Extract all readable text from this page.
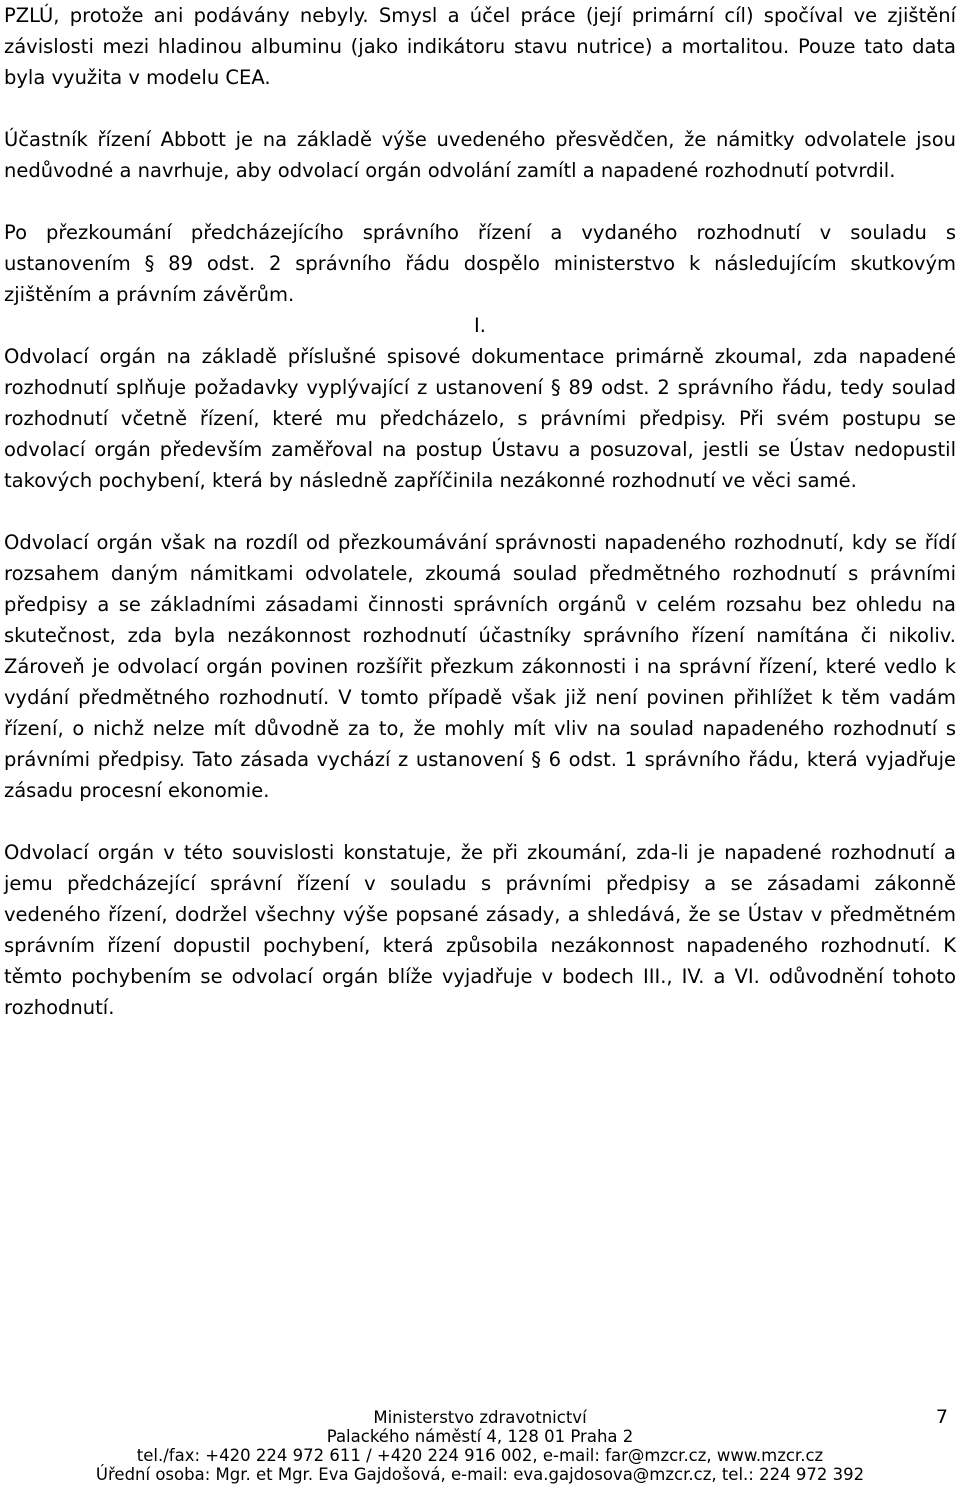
PZLÚ, protože ani podávány nebyly. Smysl a účel práce (její primární cíl) spočíval ve zjištění závislosti mezi hladinou albuminu (jako indikátoru stavu nutrice) a mortalitou. Pouze tato data byla využita v modelu CEA.

Účastník řízení Abbott je na základě výše uvedeného přesvědčen, že námitky odvolatele jsou nedůvodné a navrhuje, aby odvolací orgán odvolání zamítl a napadené rozhodnutí potvrdil.

Po přezkoumání předcházejícího správního řízení a vydaného rozhodnutí v souladu s ustanovením § 89 odst. 2 správního řádu dospělo ministerstvo k následujícím skutkovým zjištěním a právním závěrům.

I.

Odvolací orgán na základě příslušné spisové dokumentace primárně zkoumal, zda napadené rozhodnutí splňuje požadavky vyplývající z ustanovení § 89 odst. 2 správního řádu, tedy soulad rozhodnutí včetně řízení, které mu předcházelo, s právními předpisy. Při svém postupu se odvolací orgán především zaměřoval na postup Ústavu a posuzoval, jestli se Ústav nedopustil takových pochybení, která by následně zapříčinila nezákonné rozhodnutí ve věci samé.

Odvolací orgán však na rozdíl od přezkoumávání správnosti napadeného rozhodnutí, kdy se řídí rozsahem daným námitkami odvolatele, zkoumá soulad předmětného rozhodnutí s právními předpisy a se základními zásadami činnosti správních orgánů v celém rozsahu bez ohledu na skutečnost, zda byla nezákonnost rozhodnutí účastníky správního řízení namítána či nikoliv. Zároveň je odvolací orgán povinen rozšířit přezkum zákonnosti i na správní řízení, které vedlo k vydání předmětného rozhodnutí. V tomto případě však již není povinen přihlížet k těm vadám řízení, o nichž nelze mít důvodně za to, že mohly mít vliv na soulad napadeného rozhodnutí s právními předpisy. Tato zásada vychází z ustanovení § 6 odst. 1 správního řádu, která vyjadřuje zásadu procesní ekonomie.

Odvolací orgán v této souvislosti konstatuje, že při zkoumání, zda-li je napadené rozhodnutí a jemu předcházející správní řízení v souladu s právními předpisy a se zásadami zákonně vedeného řízení, dodržel všechny výše popsané zásady, a shledává, že se Ústav v předmětném správním řízení dopustil pochybení, která způsobila nezákonnost napadeného rozhodnutí. K těmto pochybením se odvolací orgán blíže vyjadřuje v bodech III., IV. a VI. odůvodnění tohoto rozhodnutí.

Ministerstvo zdravotnictví
Palackého náměstí 4, 128 01 Praha 2
tel./fax: +420 224 972 611 / +420 224 916 002, e-mail: far@mzcr.cz, www.mzcr.cz
Úřední osoba: Mgr. et Mgr. Eva Gajdošová, e-mail: eva.gajdosova@mzcr.cz, tel.: 224 972 392
7
